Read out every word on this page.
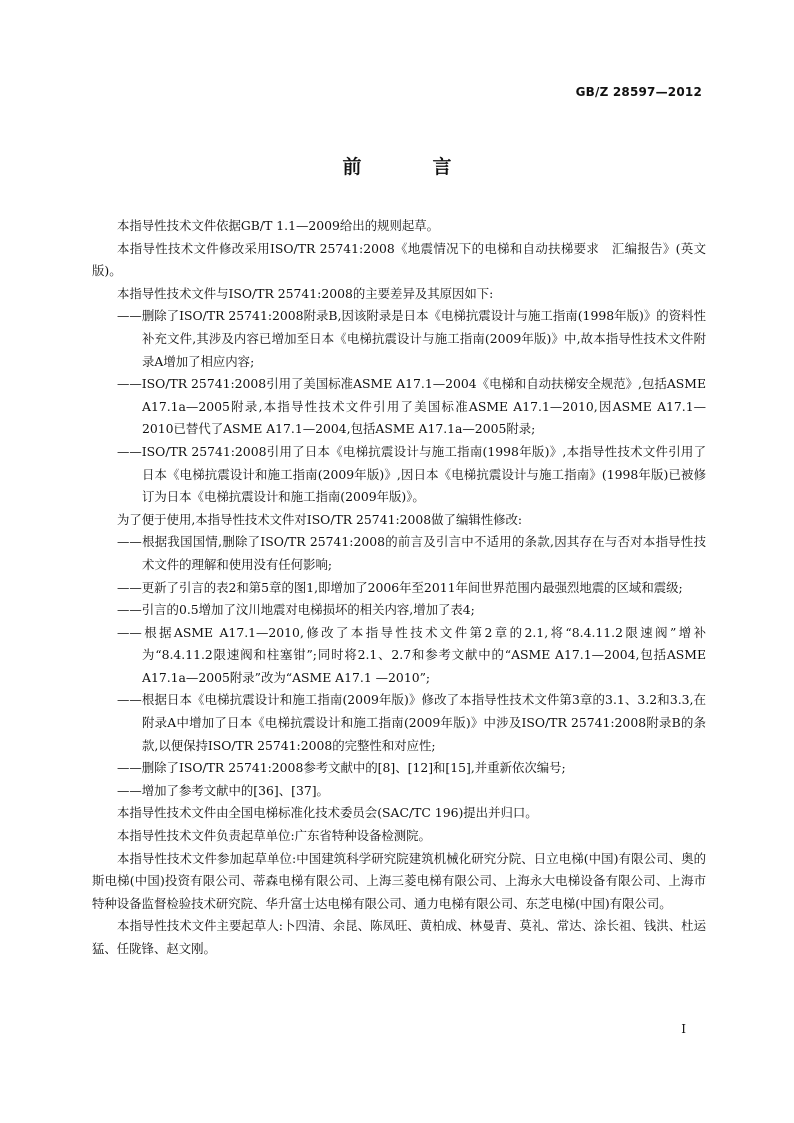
GB/Z 28597—2012
前　言

本指导性技术文件依据GB/T 1.1—2009给出的规则起草。

本指导性技术文件修改采用ISO/TR 25741:2008《地震情况下的电梯和自动扶梯要求　汇编报告》(英文版)。

本指导性技术文件与ISO/TR 25741:2008的主要差异及其原因如下:

——删除了ISO/TR 25741:2008附录B,因该附录是日本《电梯抗震设计与施工指南(1998年版)》的资料性补充文件,其涉及内容已增加至日本《电梯抗震设计与施工指南(2009年版)》中,故本指导性技术文件附录A增加了相应内容;

——ISO/TR 25741:2008引用了美国标准ASME A17.1—2004《电梯和自动扶梯安全规范》,包括ASME A17.1a—2005附录,本指导性技术文件引用了美国标准ASME A17.1—2010,因ASME A17.1—2010已替代了ASME A17.1—2004,包括ASME A17.1a—2005附录;

——ISO/TR 25741:2008引用了日本《电梯抗震设计与施工指南(1998年版)》,本指导性技术文件引用了日本《电梯抗震设计和施工指南(2009年版)》,因日本《电梯抗震设计与施工指南》(1998年版)已被修订为日本《电梯抗震设计和施工指南(2009年版)》。

为了便于使用,本指导性技术文件对ISO/TR 25741:2008做了编辑性修改:

——根据我国国情,删除了ISO/TR 25741:2008的前言及引言中不适用的条款,因其存在与否对本指导性技术文件的理解和使用没有任何影响;

——更新了引言的表2和第5章的图1,即增加了2006年至2011年间世界范围内最强烈地震的区域和震级;

——引言的0.5增加了汶川地震对电梯损坏的相关内容,增加了表4;

——根据ASME A17.1—2010,修改了本指导性技术文件第2章的2.1,将“8.4.11.2限速阀”增补为“8.4.11.2限速阀和柱塞钳”;同时将2.1、2.7和参考文献中的“ASME A17.1—2004,包括ASME A17.1a—2005附录”改为“ASME A17.1 —2010”;

——根据日本《电梯抗震设计和施工指南(2009年版)》修改了本指导性技术文件第3章的3.1、3.2和3.3,在附录A中增加了日本《电梯抗震设计和施工指南(2009年版)》中涉及ISO/TR 25741:2008附录B的条款,以便保持ISO/TR 25741:2008的完整性和对应性;

——删除了ISO/TR 25741:2008参考文献中的[8]、[12]和[15],并重新依次编号;

——增加了参考文献中的[36]、[37]。

本指导性技术文件由全国电梯标准化技术委员会(SAC/TC 196)提出并归口。

本指导性技术文件负责起草单位:广东省特种设备检测院。

本指导性技术文件参加起草单位:中国建筑科学研究院建筑机械化研究分院、日立电梯(中国)有限公司、奥的斯电梯(中国)投资有限公司、蒂森电梯有限公司、上海三菱电梯有限公司、上海永大电梯设备有限公司、上海市特种设备监督检验技术研究院、华升富士达电梯有限公司、通力电梯有限公司、东芝电梯(中国)有限公司。

本指导性技术文件主要起草人:卜四清、余昆、陈凤旺、黄柏成、林曼青、莫礼、常达、涂长祖、钱洪、杜运猛、任陇锋、赵文刚。

I
